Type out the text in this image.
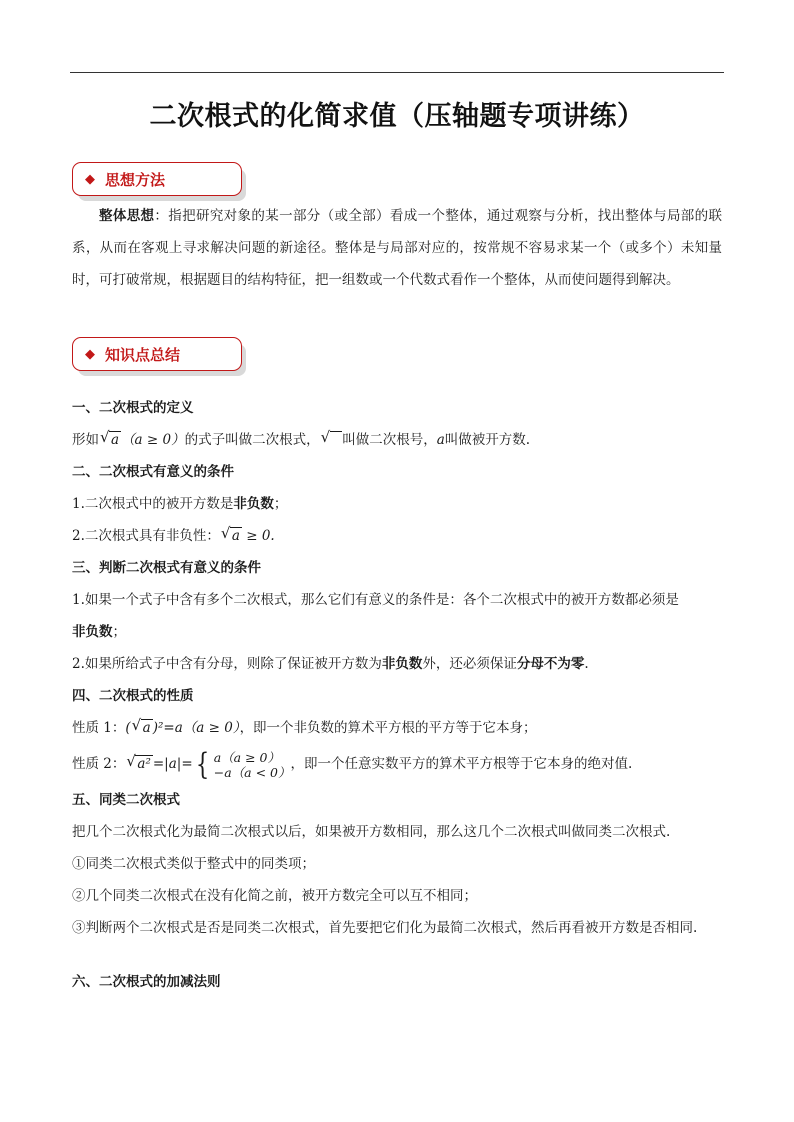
二次根式的化简求值（压轴题专项讲练）
◆ 思想方法
整体思想：指把研究对象的某一部分（或全部）看成一个整体，通过观察与分析，找出整体与局部的联系，从而在客观上寻求解决问题的新途径。整体是与局部对应的，按常规不容易求某一个（或多个）未知量时，可打破常规，根据题目的结构特征，把一组数或一个代数式看作一个整体，从而使问题得到解决。
◆ 知识点总结

一、二次根式的定义

形如 √ a （a ≥ 0）的式子叫做二次根式， √ 叫做二次根号，a叫做被开方数.

二、二次根式有意义的条件

1.二次根式中的被开方数是非负数；

2.二次根式具有非负性： √ a ≥ 0.

三、判断二次根式有意义的条件

1.如果一个式子中含有多个二次根式，那么它们有意义的条件是：各个二次根式中的被开方数都必须是

非负数；

2.如果所给式子中含有分母，则除了保证被开方数为非负数外，还必须保证分母不为零.

四、二次根式的性质

性质 1：( √ a )²=a（a ≥ 0），即一个非负数的算术平方根的平方等于它本身；

性质 2： √ a² =|a|={ a（a ≥ 0）
−a（a < 0），即一个任意实数平方的算术平方根等于它本身的绝对值.

五、同类二次根式

把几个二次根式化为最简二次根式以后，如果被开方数相同，那么这几个二次根式叫做同类二次根式.

①同类二次根式类似于整式中的同类项；

②几个同类二次根式在没有化简之前，被开方数完全可以互不相同；

③判断两个二次根式是否是同类二次根式，首先要把它们化为最简二次根式，然后再看被开方数是否相同.

六、二次根式的加减法则
